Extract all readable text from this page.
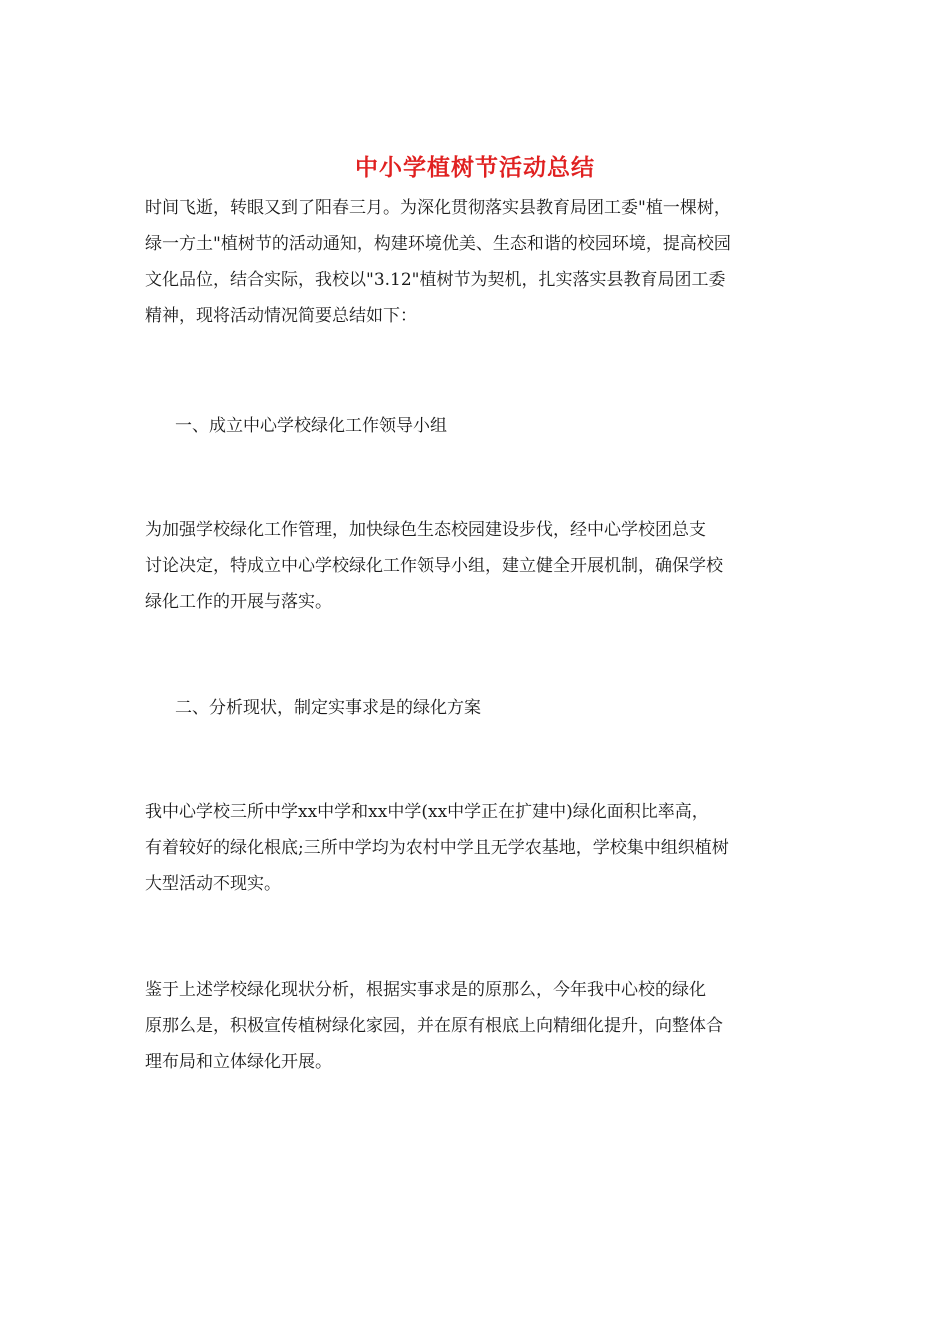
中小学植树节活动总结
时间飞逝，转眼又到了阳春三月。为深化贯彻落实县教育局团工委"植一棵树，
绿一方土"植树节的活动通知，构建环境优美、生态和谐的校园环境，提高校园
文化品位，结合实际，我校以"3.12"植树节为契机，扎实落实县教育局团工委
精神，现将活动情况简要总结如下：
一、成立中心学校绿化工作领导小组
为加强学校绿化工作管理，加快绿色生态校园建设步伐，经中心学校团总支
讨论决定，特成立中心学校绿化工作领导小组，建立健全开展机制，确保学校
绿化工作的开展与落实。
二、分析现状，制定实事求是的绿化方案
我中心学校三所中学xx中学和xx中学(xx中学正在扩建中)绿化面积比率高，
有着较好的绿化根底;三所中学均为农村中学且无学农基地，学校集中组织植树
大型活动不现实。
鉴于上述学校绿化现状分析，根据实事求是的原那么，今年我中心校的绿化
原那么是，积极宣传植树绿化家园，并在原有根底上向精细化提升，向整体合
理布局和立体绿化开展。
